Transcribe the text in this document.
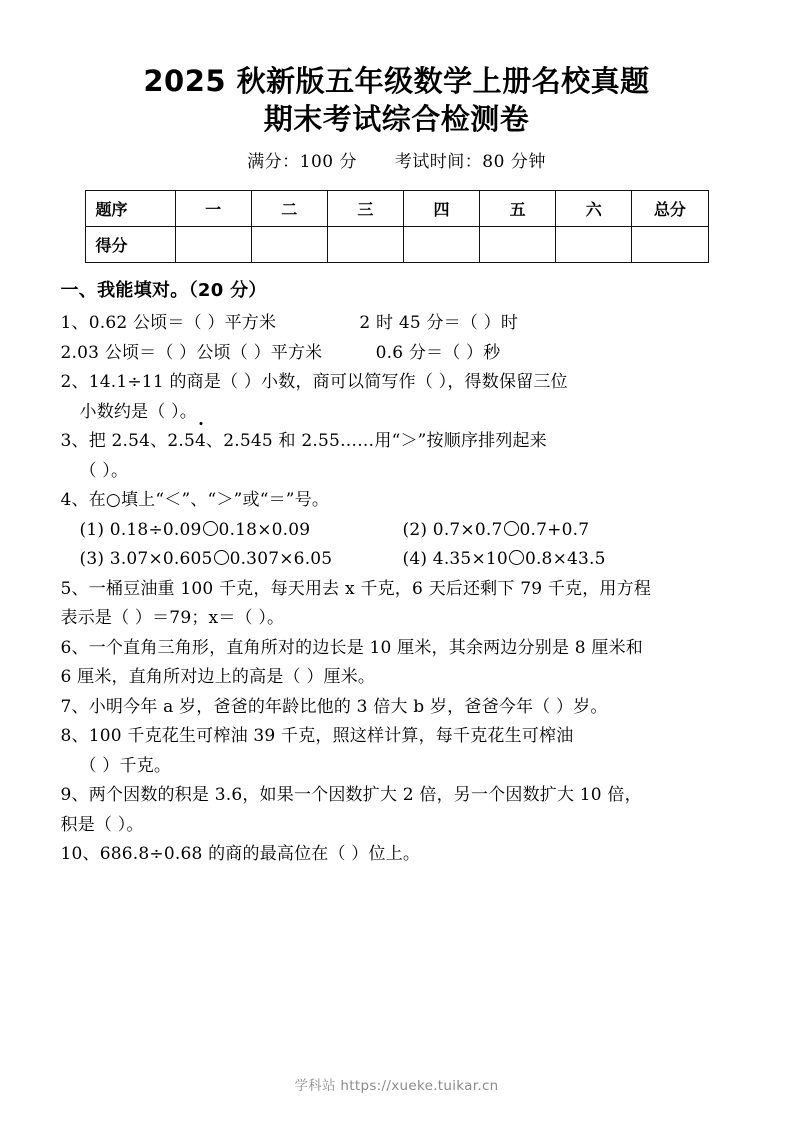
2025 秋新版五年级数学上册名校真题
期末考试综合检测卷
满分：100 分 考试时间：80 分钟
题序	一	二	三	四	五	六	总分
得分							
一、我能填对。（20 分）
1、0.62 公顷＝（ ）平方米	2 时 45 分＝（ ）时
2.03 公顷＝（ ）公顷（ ）平方米	0.6 分＝（ ）秒
2、14.1÷11 的商是（ ）小数，商可以简写作（ ），得数保留三位
小数约是（ ）。
3、把 2.54、2.54、2.545 和 2.55……用“＞”按顺序排列起来
（ ）。
4、在○填上“＜”、“＞”或“＝”号。
(1) 0.18÷0.09 0.18×0.09	(2) 0.7×0.7 0.7+0.7
(3) 3.07×0.605 0.307×6.05	(4) 4.35×10 0.8×43.5
5、一桶豆油重 100 千克，每天用去 x 千克，6 天后还剩下 79 千克，用方程
表示是（ ）＝79；x＝（ ）。
6、一个直角三角形，直角所对的边长是 10 厘米，其余两边分别是 8 厘米和
6 厘米，直角所对边上的高是（ ）厘米。
7、小明今年 a 岁，爸爸的年龄比他的 3 倍大 b 岁，爸爸今年（ ）岁。
8、100 千克花生可榨油 39 千克，照这样计算，每千克花生可榨油
（ ）千克。
9、两个因数的积是 3.6，如果一个因数扩大 2 倍，另一个因数扩大 10 倍，
积是（ ）。
10、686.8÷0.68 的商的最高位在（ ）位上。
学科站 https://xueke.tuikar.cn
